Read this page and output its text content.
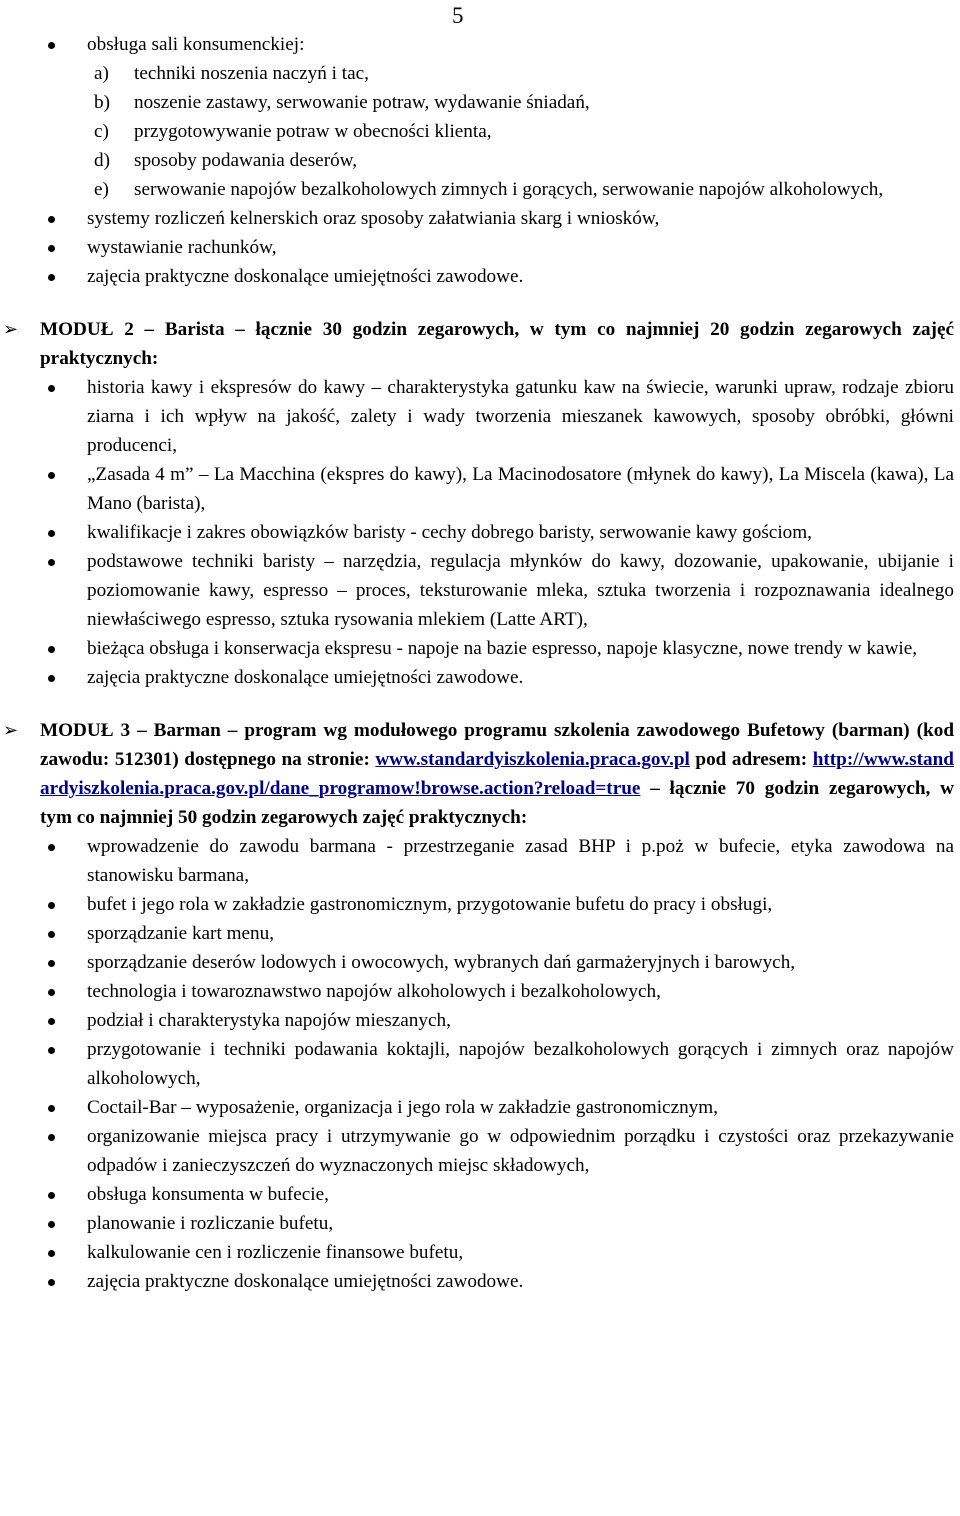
5
obsługa sali konsumenckiej:
a) techniki noszenia naczyń i tac,
b) noszenie zastawy, serwowanie potraw, wydawanie śniadań,
c) przygotowywanie potraw w obecności klienta,
d) sposoby podawania deserów,
e) serwowanie napojów bezalkoholowych zimnych i gorących, serwowanie napojów alkoholowych,
systemy rozliczeń kelnerskich oraz sposoby załatwiania skarg i wniosków,
wystawianie rachunków,
zajęcia praktyczne doskonalące umiejętności zawodowe.
➢ MODUŁ 2 – Barista – łącznie 30 godzin zegarowych, w tym co najmniej 20 godzin zegarowych zajęć praktycznych:
historia kawy i ekspresów do kawy – charakterystyka gatunku kaw na świecie, warunki upraw, rodzaje zbioru ziarna i ich wpływ na jakość, zalety i wady tworzenia mieszanek kawowych, sposoby obróbki, główni producenci,
„Zasada 4 m” – La Macchina (ekspres do kawy), La Macinodosatore (młynek do kawy), La Miscela (kawa), La Mano (barista),
kwalifikacje i zakres obowiązków baristy - cechy dobrego baristy, serwowanie kawy gościom,
podstawowe techniki baristy – narzędzia, regulacja młynków do kawy, dozowanie, upakowanie, ubijanie i poziomowanie kawy, espresso – proces, teksturowanie mleka, sztuka tworzenia i rozpoznawania idealnego niewłaściwego espresso, sztuka rysowania mlekiem (Latte ART),
bieżąca obsługa i konserwacja ekspresu - napoje na bazie espresso, napoje klasyczne, nowe trendy w kawie,
zajęcia praktyczne doskonalące umiejętności zawodowe.
➢ MODUŁ 3 – Barman – program wg modułowego programu szkolenia zawodowego Bufetowy (barman) (kod zawodu: 512301) dostępnego na stronie: www.standardyiszkolenia.praca.gov.pl pod adresem: http://www.standardyiszkolenia.praca.gov.pl/dane_programow!browse.action?reload=true – łącznie 70 godzin zegarowych, w tym co najmniej 50 godzin zegarowych zajęć praktycznych:
wprowadzenie do zawodu barmana - przestrzeganie zasad BHP i p.poż w bufecie, etyka zawodowa na stanowisku barmana,
bufet i jego rola w zakładzie gastronomicznym, przygotowanie bufetu do pracy i obsługi,
sporządzanie kart menu,
sporządzanie deserów lodowych i owocowych, wybranych dań garmażeryjnych i barowych,
technologia i towaroznawstwo napojów alkoholowych i bezalkoholowych,
podział i charakterystyka napojów mieszanych,
przygotowanie i techniki podawania koktajli, napojów bezalkoholowych gorących i zimnych oraz napojów alkoholowych,
Coctail-Bar – wyposażenie, organizacja i jego rola w zakładzie gastronomicznym,
organizowanie miejsca pracy i utrzymywanie go w odpowiednim porządku i czystości oraz przekazywanie odpadów i zanieczyszczeń do wyznaczonych miejsc składowych,
obsługa konsumenta w bufecie,
planowanie i rozliczanie bufetu,
kalkulowanie cen i rozliczenie finansowe bufetu,
zajęcia praktyczne doskonalące umiejętności zawodowe.
